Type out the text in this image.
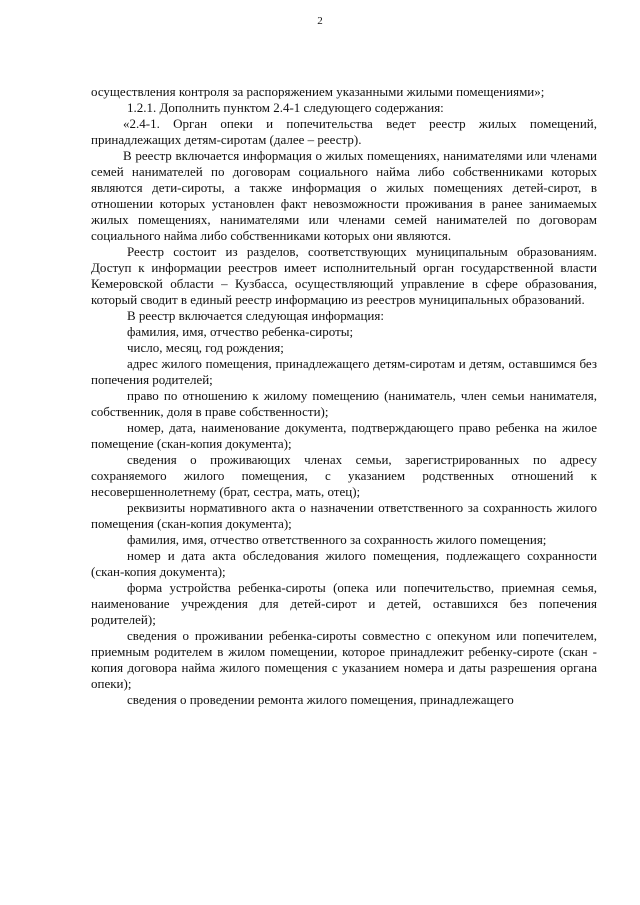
2

осуществления контроля за распоряжением указанными жилыми помещениями»;

1.2.1. Дополнить пунктом 2.4-1 следующего содержания:

«2.4-1. Орган опеки и попечительства ведет реестр жилых помещений, принадлежащих детям-сиротам (далее – реестр).

В реестр включается информация о жилых помещениях, нанимателями или членами семей нанимателей по договорам социального найма либо собственниками которых являются дети-сироты, а также информация о жилых помещениях детей-сирот, в отношении которых установлен факт невозможности проживания в ранее занимаемых жилых помещениях, нанимателями или членами семей нанимателей по договорам социального найма либо собственниками которых они являются.

Реестр состоит из разделов, соответствующих муниципальным образованиям. Доступ к информации реестров имеет исполнительный орган государственной власти Кемеровской области – Кузбасса, осуществляющий управление в сфере образования, который сводит в единый реестр информацию из реестров муниципальных образований.

В реестр включается следующая информация:

фамилия, имя, отчество ребенка-сироты;

число, месяц, год рождения;

адрес жилого помещения, принадлежащего детям-сиротам и детям, оставшимся без попечения родителей;

право по отношению к жилому помещению (наниматель, член семьи нанимателя, собственник, доля в праве собственности);

номер, дата, наименование документа, подтверждающего право ребенка на жилое помещение (скан-копия документа);

сведения о проживающих членах семьи, зарегистрированных по адресу сохраняемого жилого помещения, с указанием родственных отношений к несовершеннолетнему (брат, сестра, мать, отец);

реквизиты нормативного акта о назначении ответственного за сохранность жилого помещения (скан-копия документа);

фамилия, имя, отчество ответственного за сохранность жилого помещения;

номер и дата акта обследования жилого помещения, подлежащего сохранности (скан-копия документа);

форма устройства ребенка-сироты (опека или попечительство, приемная семья, наименование учреждения для детей-сирот и детей, оставшихся без попечения родителей);

сведения о проживании ребенка-сироты совместно с опекуном или попечителем, приемным родителем в жилом помещении, которое принадлежит ребенку-сироте (скан - копия договора найма жилого помещения с указанием номера и даты разрешения органа опеки);

сведения о проведении ремонта жилого помещения, принадлежащего
